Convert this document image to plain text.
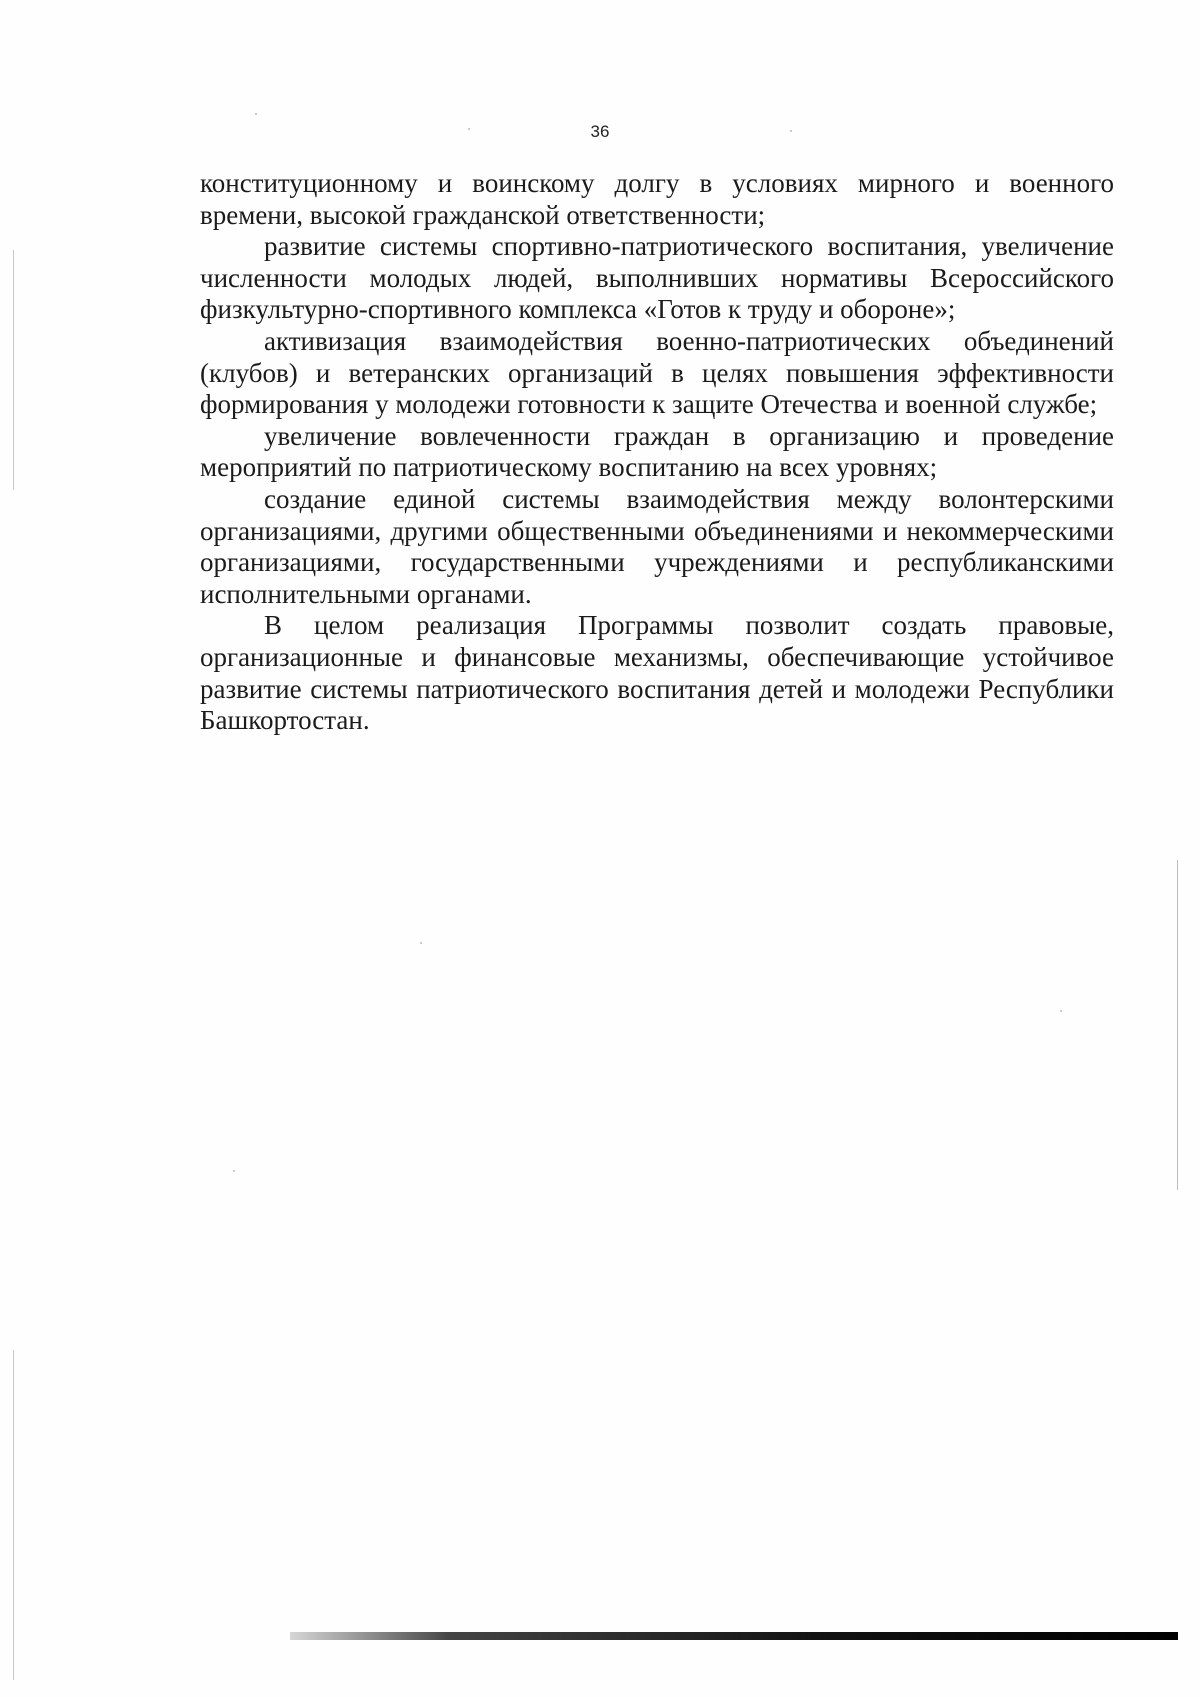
36

конституционному и воинскому долгу в условиях мирного и военного времени, высокой гражданской ответственности;

развитие системы спортивно-патриотического воспитания, увеличение численности молодых людей, выполнивших нормативы Всероссийского физкультурно-спортивного комплекса «Готов к труду и обороне»;

активизация взаимодействия военно-патриотических объединений (клубов) и ветеранских организаций в целях повышения эффективности формирования у молодежи готовности к защите Отечества и военной службе;

увеличение вовлеченности граждан в организацию и проведение мероприятий по патриотическому воспитанию на всех уровнях;

создание единой системы взаимодействия между волонтерскими организациями, другими общественными объединениями и некоммерческими организациями, государственными учреждениями и республиканскими исполнительными органами.

В целом реализация Программы позволит создать правовые, организационные и финансовые механизмы, обеспечивающие устойчивое развитие системы патриотического воспитания детей и молодежи Республики Башкортостан.
